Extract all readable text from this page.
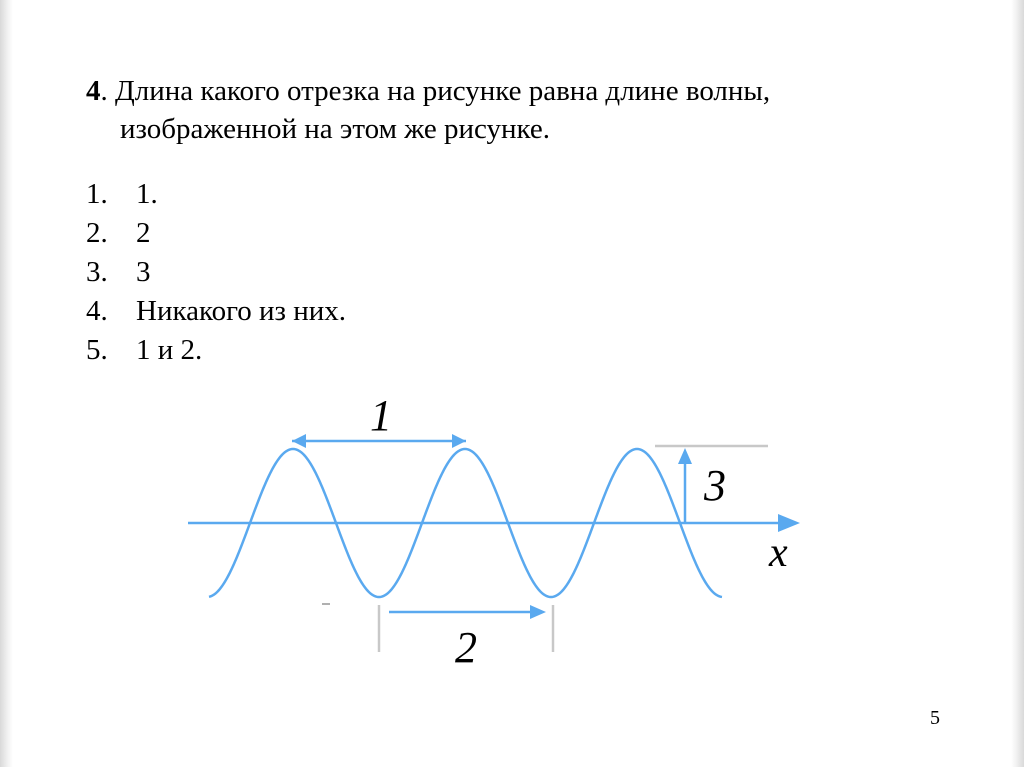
4. Длина какого отрезка на рисунке равна длине волны,
изображенной на этом же рисунке.
1. 1.
2. 2
3. 3
4. Никакого из них.
5. 1 и 2.
1
2
3
x
5
